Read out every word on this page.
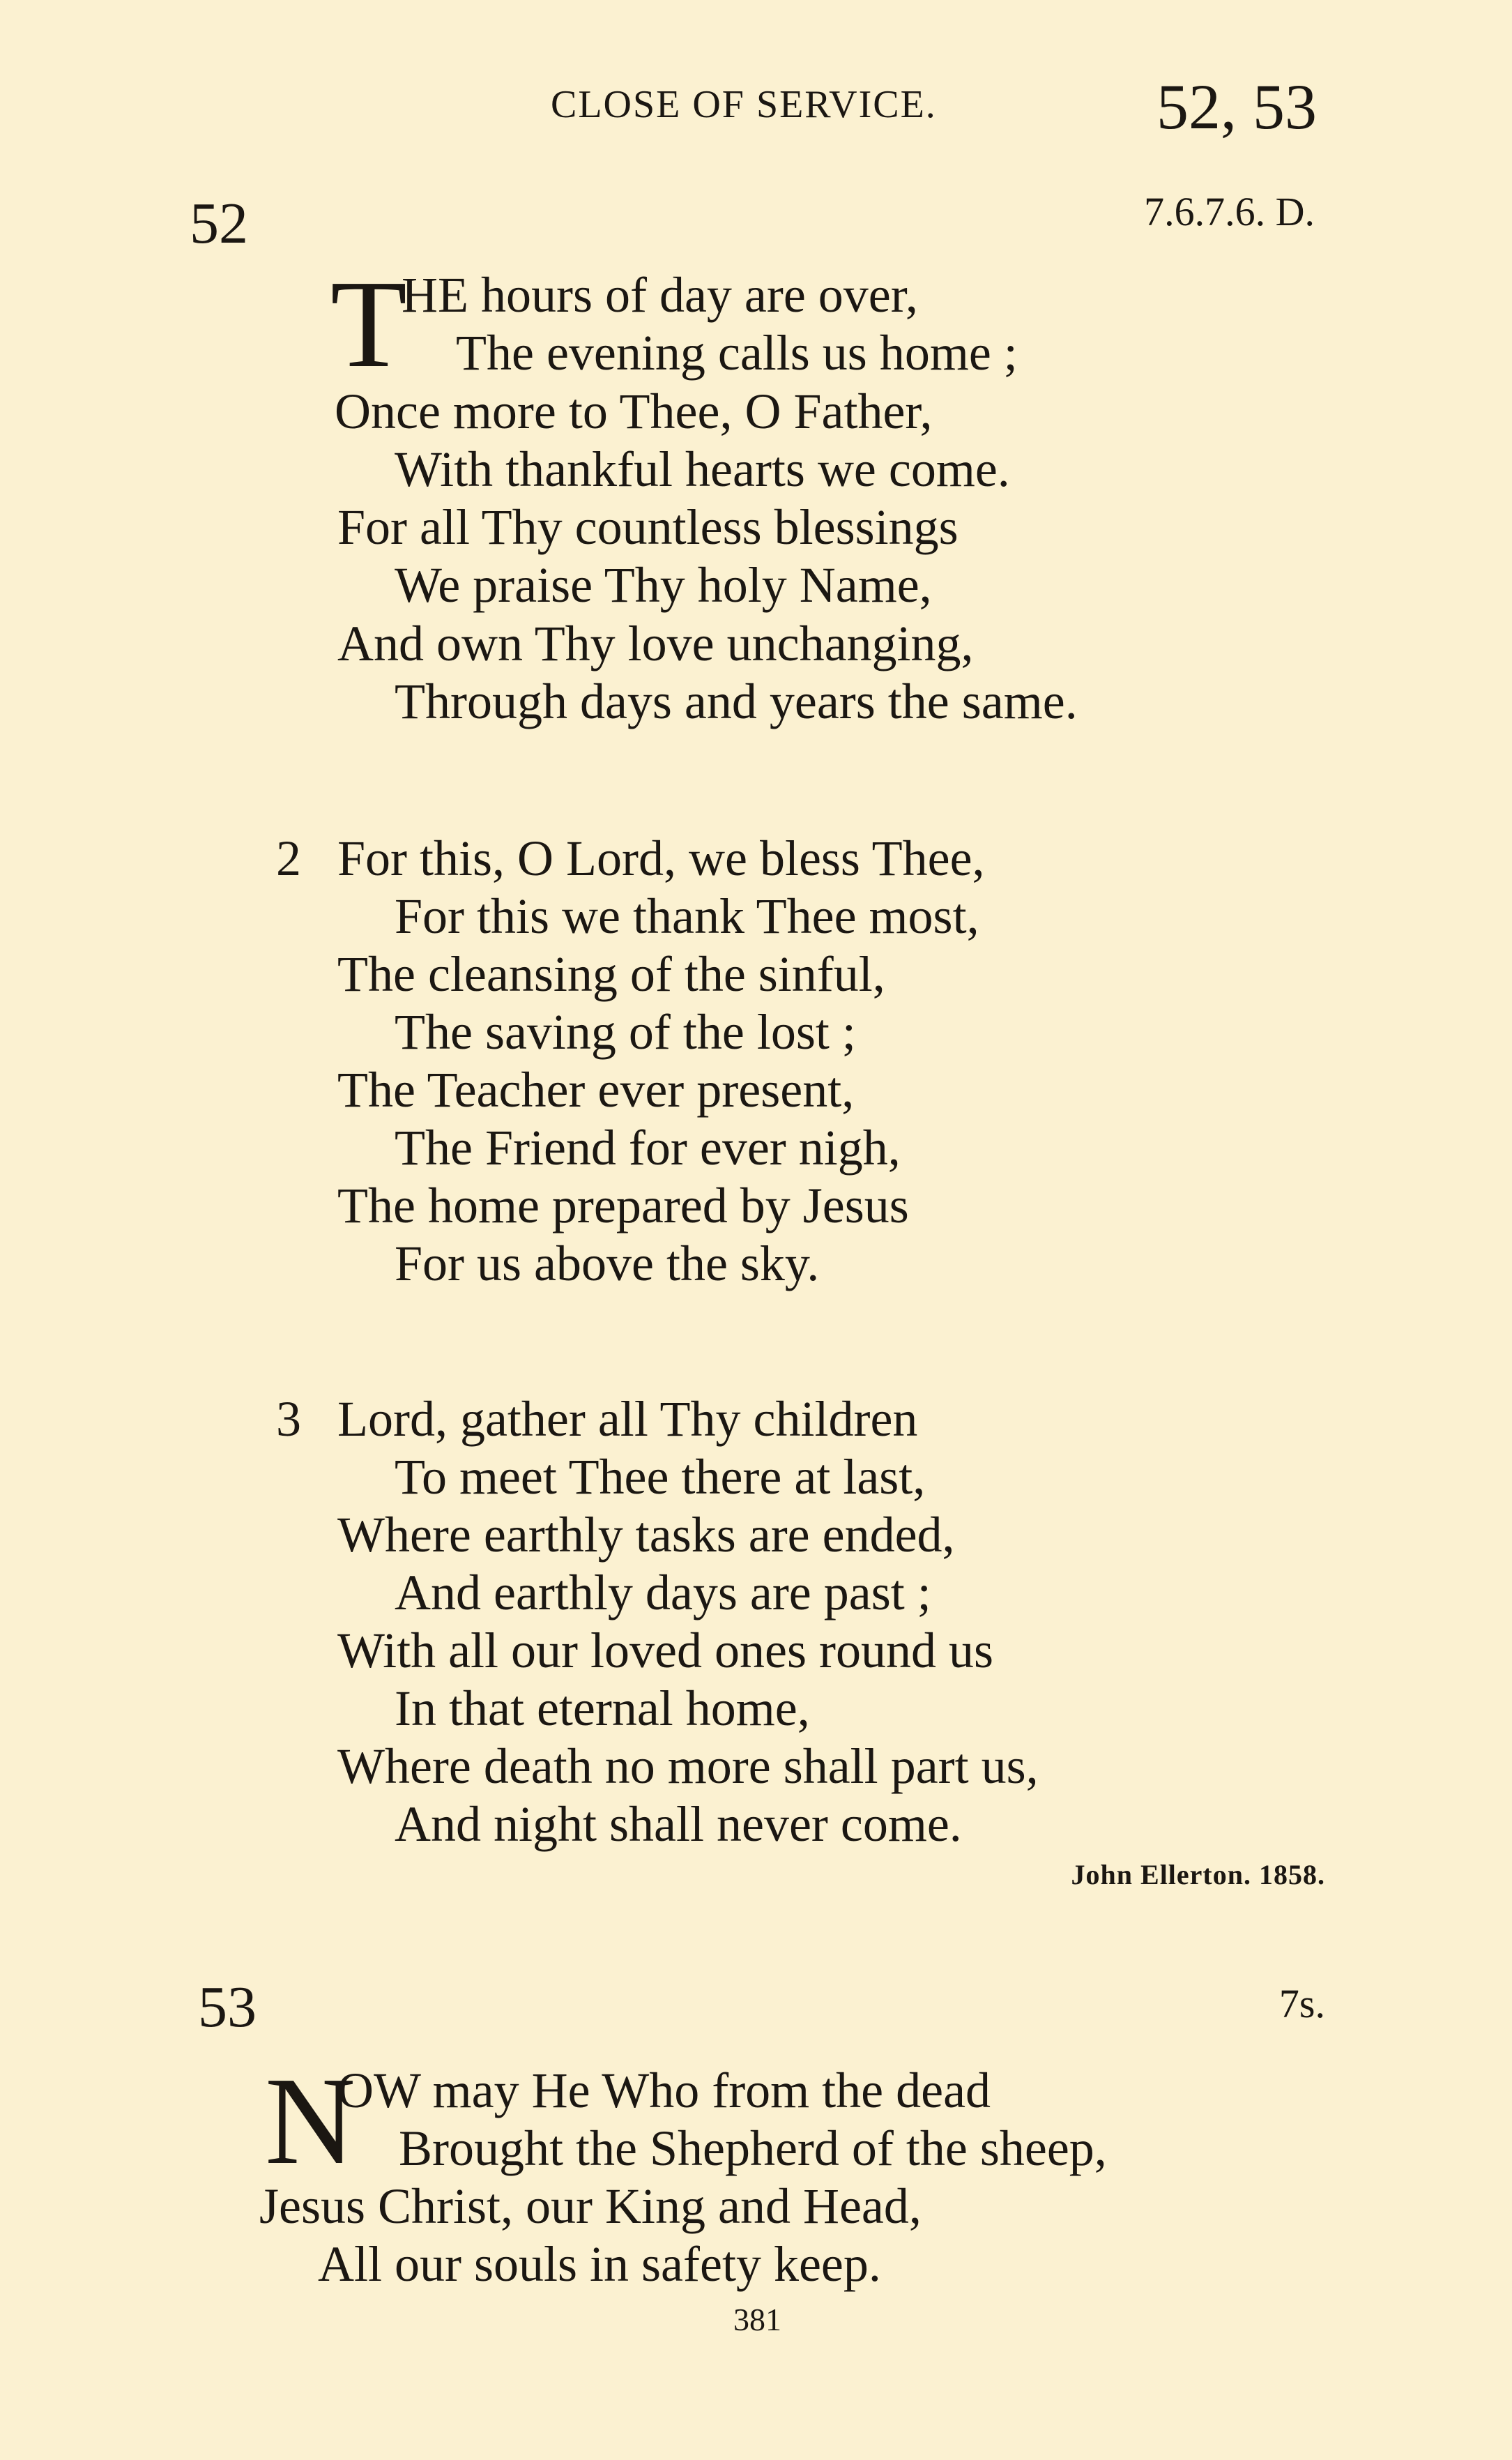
CLOSE OF SERVICE.	52, 53
52	7.6.7.6. D.
T
HE hours of day are over,
The evening calls us home ;
Once more to Thee, O Father,
With thankful hearts we come.
For all Thy countless blessings
We praise Thy holy Name,
And own Thy love unchanging,
Through days and years the same.
2 For this, O Lord, we bless Thee,
For this we thank Thee most,
The cleansing of the sinful,
The saving of the lost ;
The Teacher ever present,
The Friend for ever nigh,
The home prepared by Jesus
For us above the sky.
3 Lord, gather all Thy children
To meet Thee there at last,
Where earthly tasks are ended,
And earthly days are past ;
With all our loved ones round us
In that eternal home,
Where death no more shall part us,
And night shall never come.
John Ellerton. 1858.
53	7s.
N
OW may He Who from the dead
Brought the Shepherd of the sheep,
Jesus Christ, our King and Head,
All our souls in safety keep.
381
